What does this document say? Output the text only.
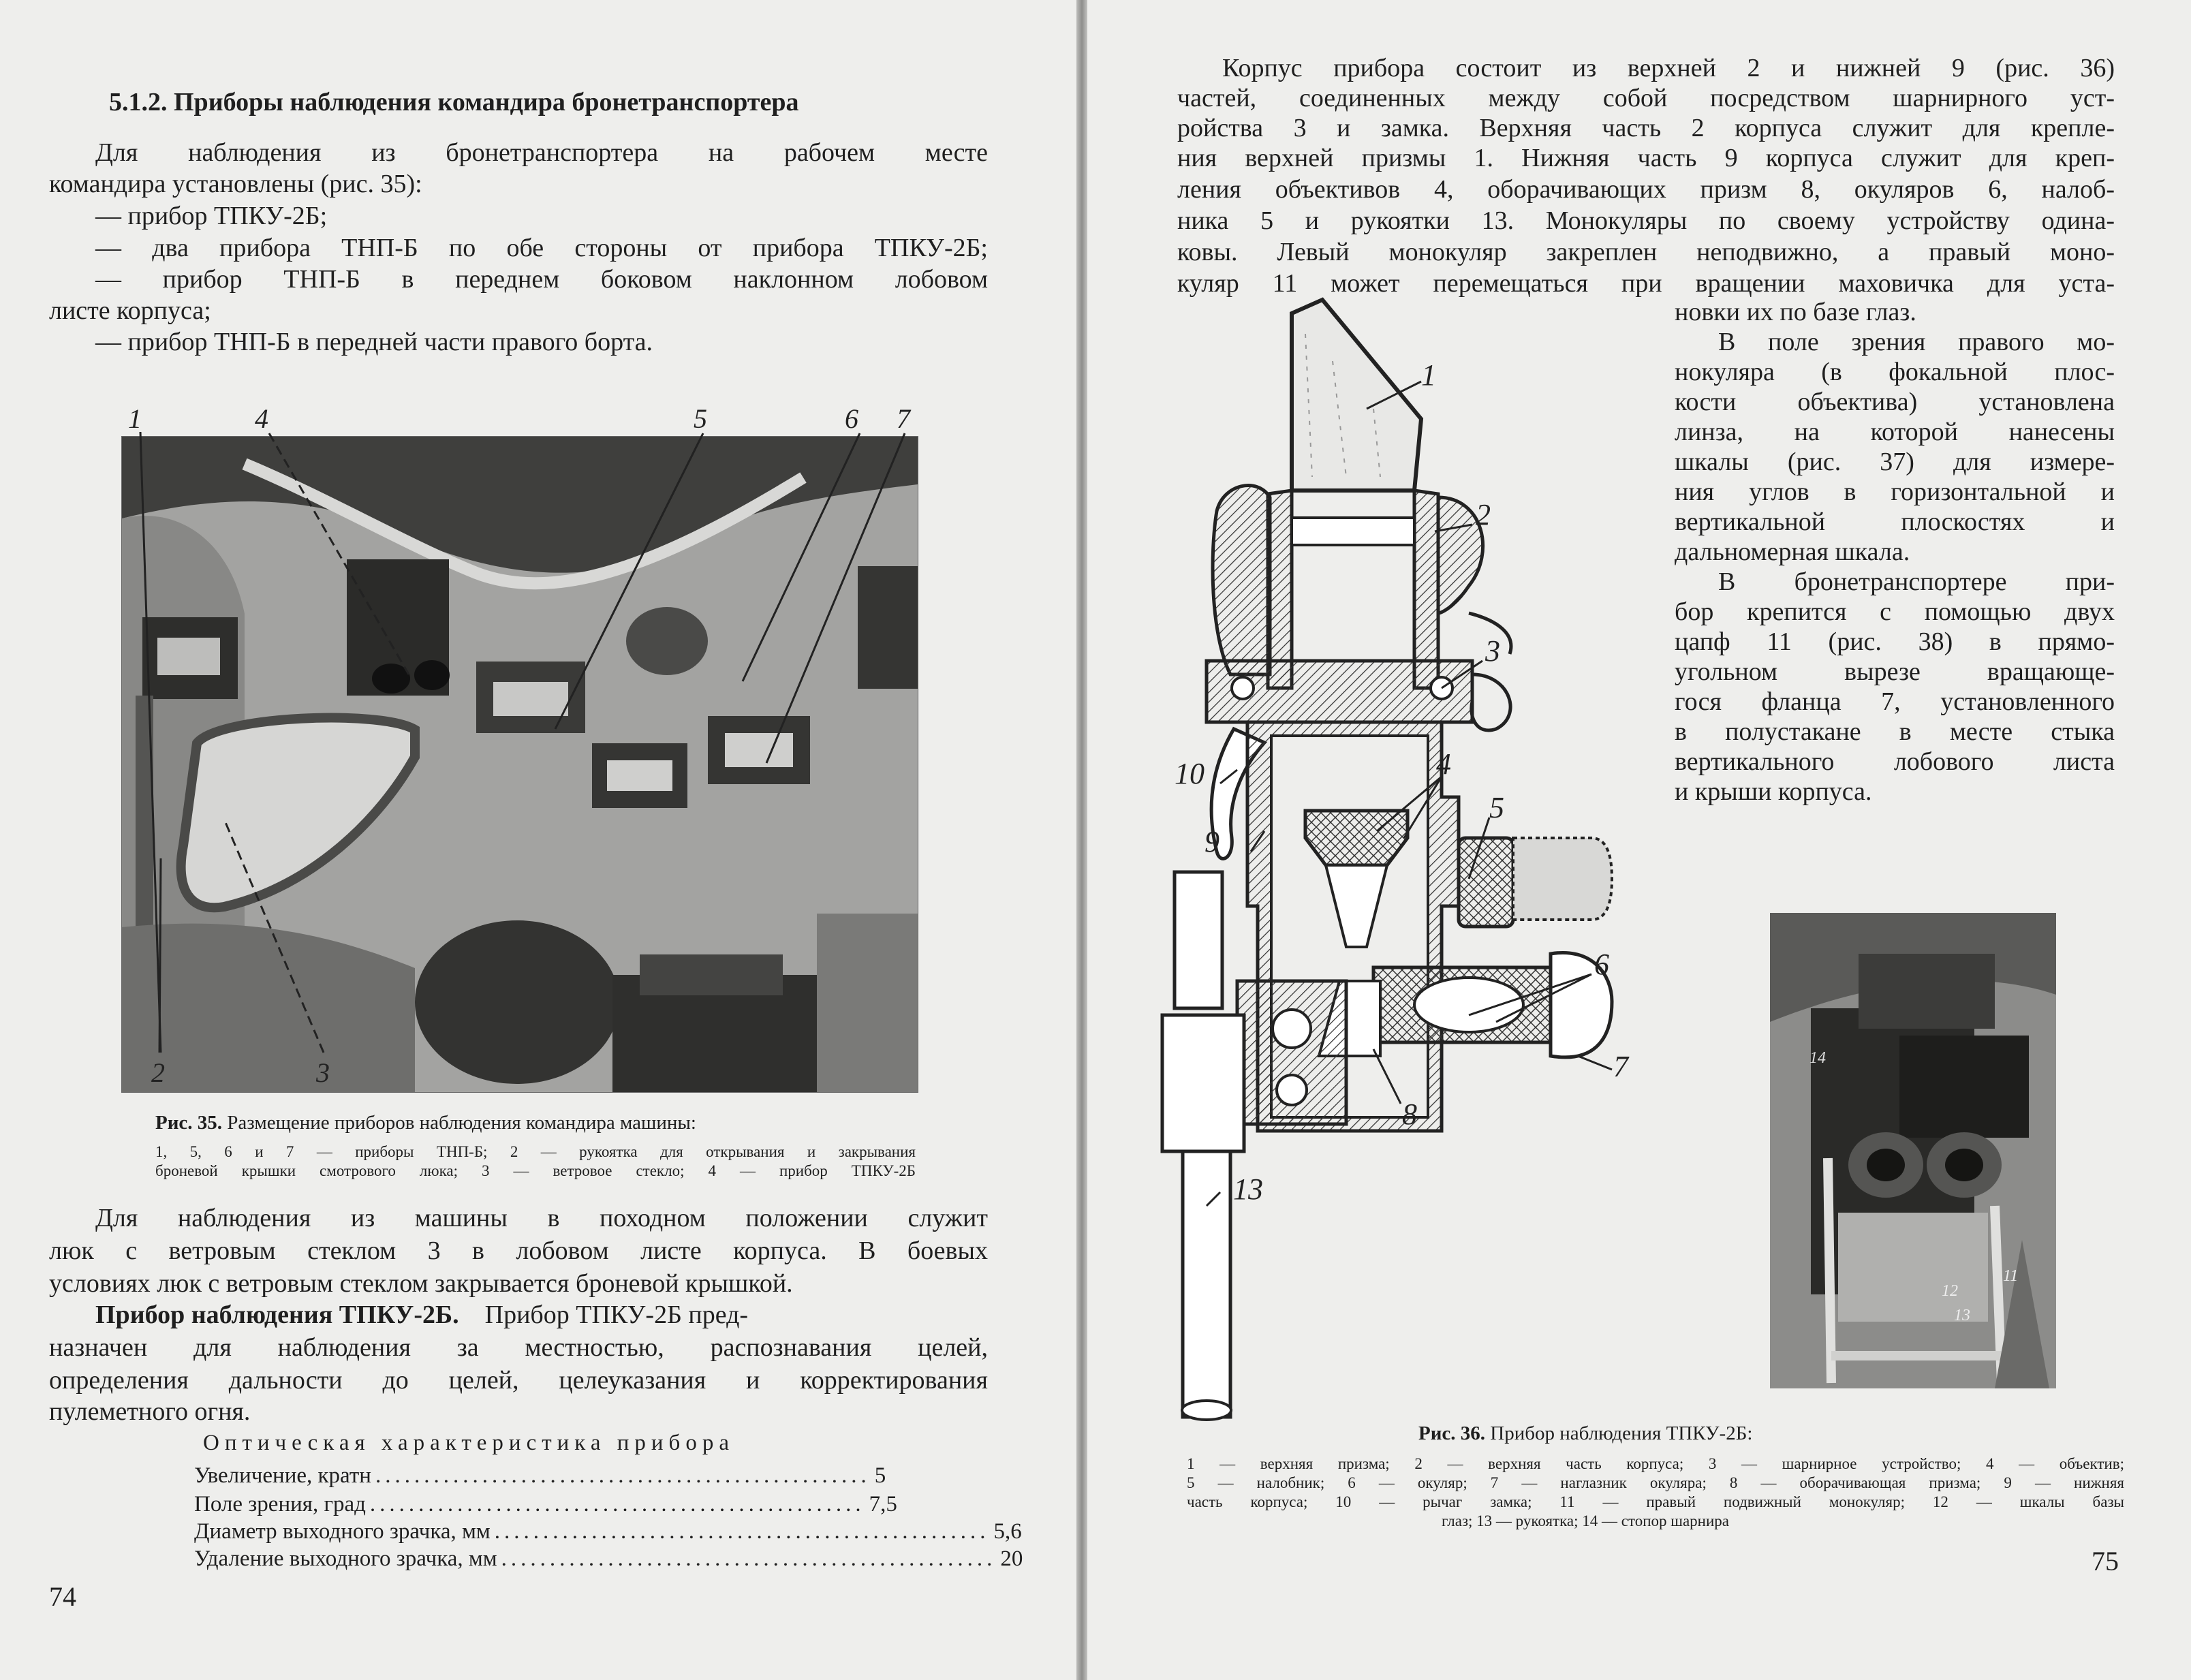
5.1.2. Приборы наблюдения командира бронетранспортера

Для наблюдения из бронетранспортера на рабочем месте

командира установлены (рис. 35):

— прибор ТПКУ-2Б;

— два прибора ТНП-Б по обе стороны от прибора ТПКУ-2Б;

— прибор ТНП-Б в переднем боковом наклонном лобовом

листе корпуса;

— прибор ТНП-Б в передней части правого борта.

1	4	5	6 7
2	3

Рис. 35. Размещение приборов наблюдения командира машины:

1, 5, 6 и 7 — приборы ТНП-Б; 2 — рукоятка для открывания и закрывания

броневой крышки смотрового люка; 3 — ветровое стекло; 4 — прибор ТПКУ-2Б

Для наблюдения из машины в походном положении служит

люк с ветровым стеклом 3 в лобовом листе корпуса. В боевых

условиях люк с ветровым стеклом закрывается броневой крышкой.

Прибор наблюдения ТПКУ-2Б. Прибор ТПКУ-2Б пред-

назначен для наблюдения за местностью, распознавания целей,

определения дальности до целей, целеуказания и корректирования

пулеметного огня.

Оптическая характеристика прибора

Увеличение, кратн ................................................... 5
Поле зрения, град ................................................... 7,5
Диаметр выходного зрачка, мм ................................................... 5,6
Удаление выходного зрачка, мм ................................................... 20

74

Корпус прибора состоит из верхней 2 и нижней 9 (рис. 36)

частей, соединенных между собой посредством шарнирного уст-

ройства 3 и замка. Верхняя часть 2 корпуса служит для крепле-

ния верхней призмы 1. Нижняя часть 9 корпуса служит для креп-

ления объективов 4, оборачивающих призм 8, окуляров 6, налоб-

ника 5 и рукоятки 13. Монокуляры по своему устройству одина-

ковы. Левый монокуляр закреплен неподвижно, а правый моно-

куляр 11 может перемещаться при вращении маховичка для уста-

новки их по базе глаз.

В поле зрения правого мо-

нокуляра (в фокальной плос-

кости объектива) установлена

линза, на которой нанесены

шкалы (рис. 37) для измере-

ния углов в горизонтальной и

вертикальной плоскостях и

дальномерная шкала.

В бронетранспортере при-

бор крепится с помощью двух

цапф 11 (рис. 38) в прямо-

угольном вырезе вращающе-

гося фланца 7, установленного

в полустакане в месте стыка

вертикального лобового листа

и крыши корпуса.

1
2
3
10	4
5
9
6
7
8
13
14
12
11
13

Рис. 36. Прибор наблюдения ТПКУ-2Б:

1 — верхняя призма; 2 — верхняя часть корпуса; 3 — шарнирное устройство; 4 — объектив;

5 — налобник; 6 — окуляр; 7 — наглазник окуляра; 8 — оборачивающая призма; 9 — нижняя

часть корпуса; 10 — рычаг замка; 11 — правый подвижный монокуляр; 12 — шкалы базы

глаз; 13 — рукоятка; 14 — стопор шарнира

75
